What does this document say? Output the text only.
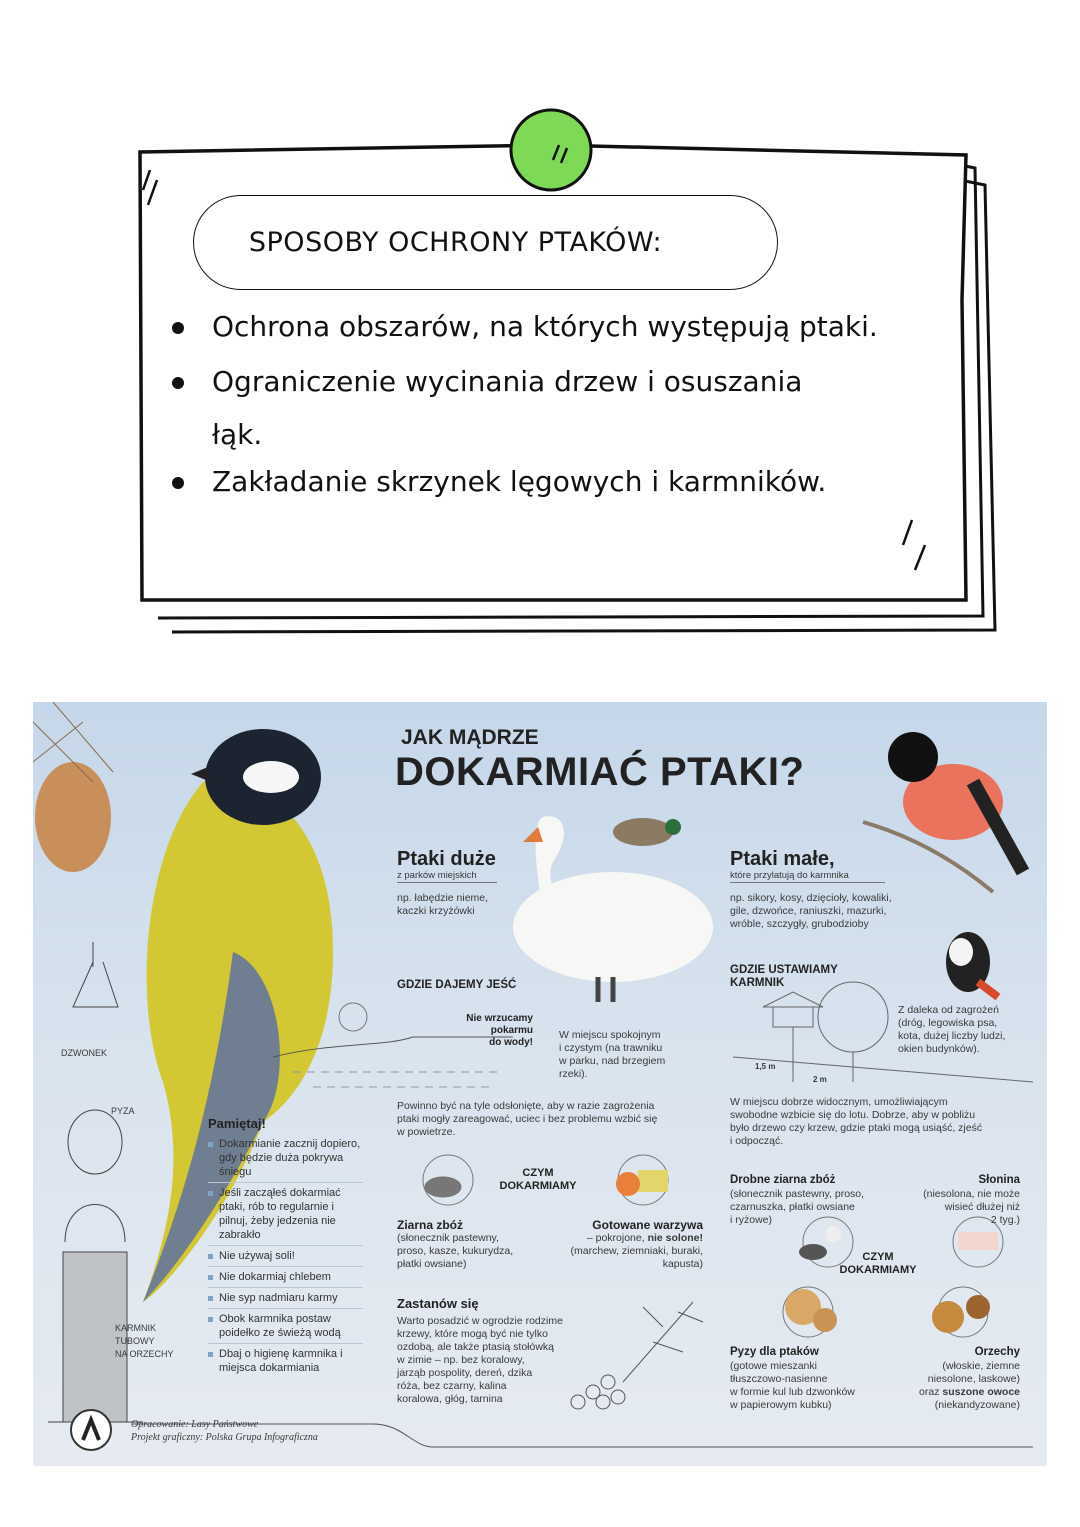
SPOSOBY OCHRONY PTAKÓW:
Ochrona obszarów, na których występują ptaki.
Ograniczenie wycinania drzew i osuszania
łąk.
Zakładanie skrzynek lęgowych i karmników.
JAK MĄDRZE
DOKARMIAĆ PTAKI?
DZWONEK
PYZA
KARMNIK
TUBOWY
NA ORZECHY
Pamiętaj!
Dokarmianie zacznij dopiero, gdy będzie duża pokrywa śniegu
Jeśli zacząłeś dokarmiać ptaki, rób to regularnie i pilnuj, żeby jedzenia nie zabrakło
Nie używaj soli!
Nie dokarmiaj chlebem
Nie syp nadmiaru karmy
Obok karmnika postaw poidełko ze świeżą wodą
Dbaj o higienę karmnika i miejsca dokarmiania
Opracowanie: Lasy Państwowe
Projekt graficzny: Polska Grupa Infograficzna
Ptaki duże
z parków miejskich
np. łabędzie nieme,
kaczki krzyżówki
GDZIE DAJEMY JEŚĆ
Nie wrzucamy
pokarmu
do wody!
W miejscu spokojnym
i czystym (na trawniku
w parku, nad brzegiem
rzeki).
Powinno być na tyle odsłonięte, aby w razie zagrożenia
ptaki mogły zareagować, uciec i bez problemu wzbić się
w powietrze.
CZYM
DOKARMIAMY
Ziarna zbóż
(słonecznik pastewny,
proso, kasze, kukurydza,
płatki owsiane)
Gotowane warzywa
– pokrojone, nie solone!
(marchew, ziemniaki, buraki,
kapusta)
Zastanów się
Warto posadzić w ogrodzie rodzime
krzewy, które mogą być nie tylko
ozdobą, ale także ptasią stołówką
w zimie – np. bez koralowy,
jarząb pospolity, dereń, dzika
róża, bez czarny, kalina
koralowa, głóg, tarnina
Ptaki małe,
które przylatują do karmnika
np. sikory, kosy, dzięcioły, kowaliki,
gile, dzwońce, raniuszki, mazurki,
wróble, szczygły, grubodzioby
GDZIE USTAWIAMY
KARMNIK
Z daleka od zagrożeń
(dróg, legowiska psa,
kota, dużej liczby ludzi,
okien budynków).
1,5 m
2 m
W miejscu dobrze widocznym, umożliwiającym
swobodne wzbicie się do lotu. Dobrze, aby w pobliżu
było drzewo czy krzew, gdzie ptaki mogą usiąść, zjeść
i odpocząć.
Drobne ziarna zbóż
(słonecznik pastewny, proso,
czarnuszka, płatki owsiane
i ryżowe)
Słonina
(niesolona, nie może
wisieć dłużej niż
2 tyg.)
CZYM
DOKARMIAMY
Pyzy dla ptaków
(gotowe mieszanki
tłuszczowo-nasienne
w formie kul lub dzwonków
w papierowym kubku)
Orzechy
(włoskie, ziemne
niesolone, laskowe)
oraz suszone owoce
(niekandyzowane)
